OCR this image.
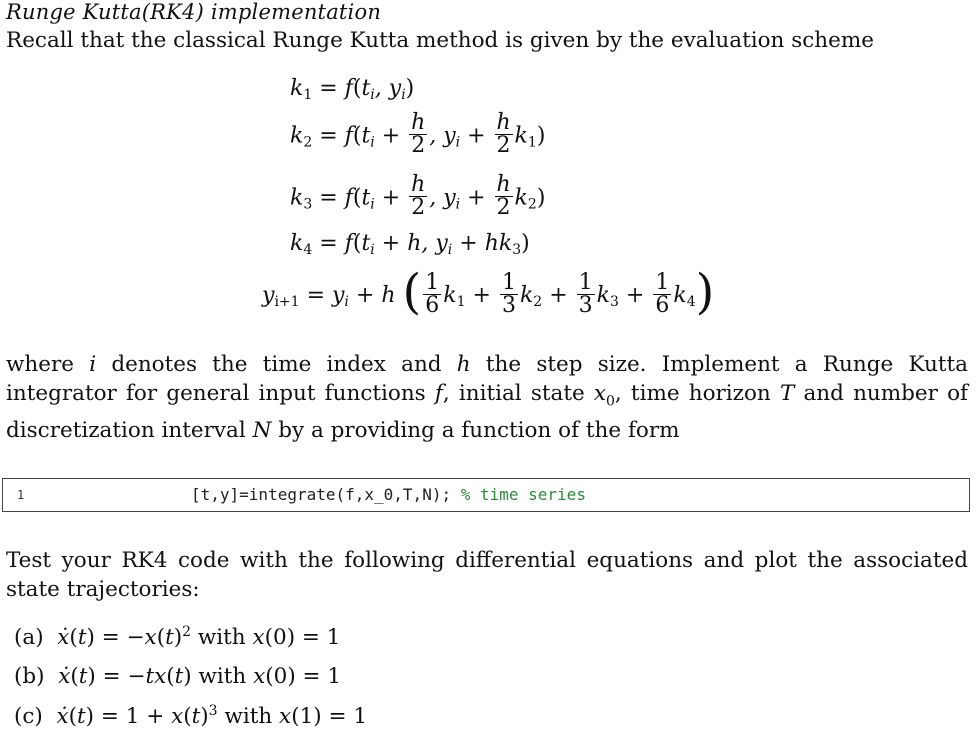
Runge Kutta(RK4) implementation
Recall that the classical Runge Kutta method is given by the evaluation scheme
$k1 = f(t_i$, $y_i$)
$k2 = f(t_i + \frac{h}{2}$ , $y_i + \frac{h}{2} k1$)
$k3 = f(t_i + \frac{h}{2}$ , $y_i + \frac{h}{2} k2$)
$k4 = f(t_i + h$, $y_i + hk3$)
$yi+1 = y_i + h$ ( $\frac{1}{6} k1 + \frac{1}{3} k2 + \frac{1}{3} k3 + \frac{1}{6} k4$)
where i denotes the time index and h the step size. Implement a Runge Kutta integrator for general input functions f, initial state $x_0$, time horizon T and number of discretization interval N by a providing a function of the form
1	[t,y]=integrate(f,x_0,T,N); % time series
Test your RK4 code with the following differential equations and plot the associated state trajectories:
(a) ẋ(t) = $-x(t)^2$ with x(0) = 1
(b) ẋ(t) = −tx(t) with x(0) = 1
(c) ẋ(t) = $1 + x(t)^3$ with x(1) = 1
